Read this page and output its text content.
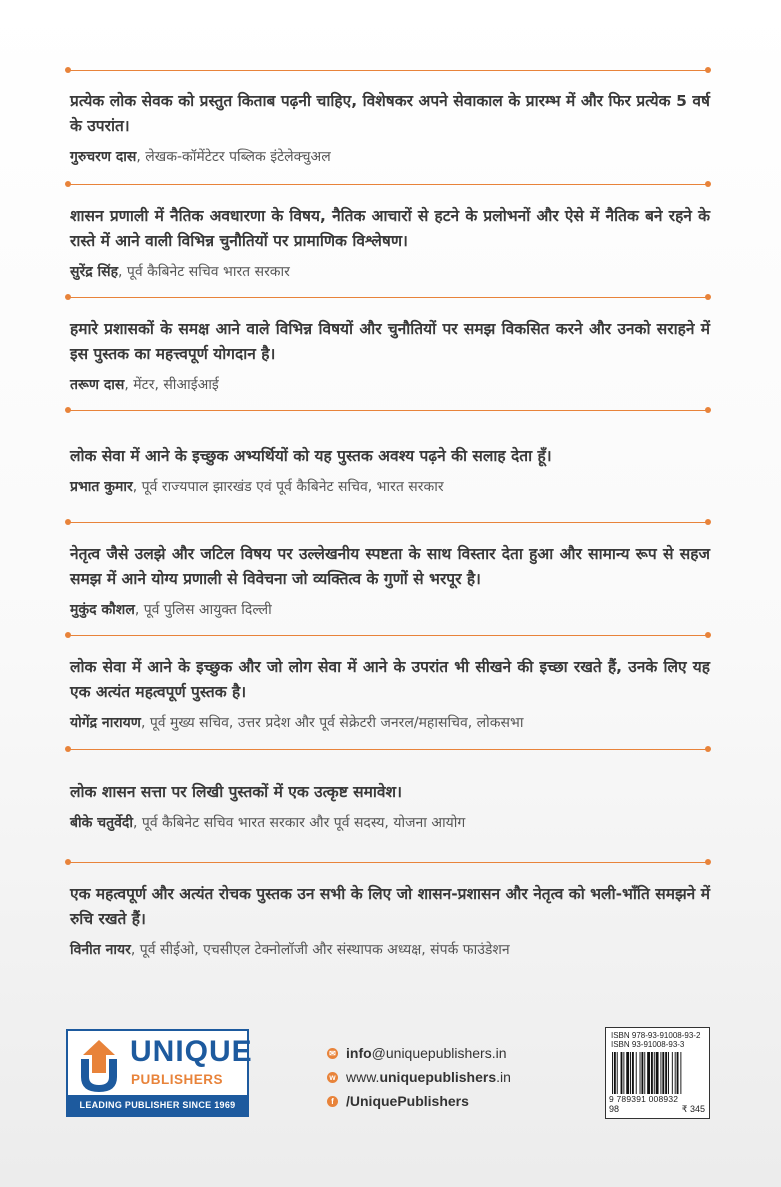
प्रत्येक लोक सेवक को प्रस्तुत किताब पढ़नी चाहिए, विशेषकर अपने सेवाकाल के प्रारम्भ में और फिर प्रत्येक 5 वर्ष के उपरांत।

गुरुचरण दास, लेखक-कॉमेंटेटर पब्लिक इंटेलेक्चुअल

शासन प्रणाली में नैतिक अवधारणा के विषय, नैतिक आचारों से हटने के प्रलोभनों और ऐसे में नैतिक बने रहने के रास्ते में आने वाली विभिन्न चुनौतियों पर प्रामाणिक विश्लेषण।

सुरेंद्र सिंह, पूर्व कैबिनेट सचिव भारत सरकार

हमारे प्रशासकों के समक्ष आने वाले विभिन्न विषयों और चुनौतियों पर समझ विकसित करने और उनको सराहने में इस पुस्तक का महत्त्वपूर्ण योगदान है।

तरूण दास, मेंटर, सीआईआई

लोक सेवा में आने के इच्छुक अभ्यर्थियों को यह पुस्तक अवश्य पढ़ने की सलाह देता हूँ।

प्रभात कुमार, पूर्व राज्यपाल झारखंड एवं पूर्व कैबिनेट सचिव, भारत सरकार

नेतृत्व जैसे उलझे और जटिल विषय पर उल्लेखनीय स्पष्टता के साथ विस्तार देता हुआ और सामान्य रूप से सहज समझ में आने योग्य प्रणाली से विवेचना जो व्यक्तित्व के गुणों से भरपूर है।

मुकुंद कौशल, पूर्व पुलिस आयुक्त दिल्ली

लोक सेवा में आने के इच्छुक और जो लोग सेवा में आने के उपरांत भी सीखने की इच्छा रखते हैं, उनके लिए यह एक अत्यंत महत्वपूर्ण पुस्तक है।

योगेंद्र नारायण, पूर्व मुख्य सचिव, उत्तर प्रदेश और पूर्व सेक्रेटरी जनरल/महासचिव, लोकसभा

लोक शासन सत्ता पर लिखी पुस्तकों में एक उत्कृष्ट समावेश।

बीके चतुर्वेदी, पूर्व कैबिनेट सचिव भारत सरकार और पूर्व सदस्य, योजना आयोग

एक महत्वपूर्ण और अत्यंत रोचक पुस्तक उन सभी के लिए जो शासन-प्रशासन और नेतृत्व को भली-भाँति समझने में रुचि रखते हैं।

विनीत नायर, पूर्व सीईओ, एचसीएल टेक्नोलॉजी और संस्थापक अध्यक्ष, संपर्क फाउंडेशन
UNIQUE
PUBLISHERS
LEADING PUBLISHER SINCE 1969
✉ info @uniquepublishers.in
w www. uniquepublishers .in
f /UniquePublishers
ISBN 978-93-91008-93-2
ISBN 93-91008-93-3
9 789391 008932
98	₹ 345
